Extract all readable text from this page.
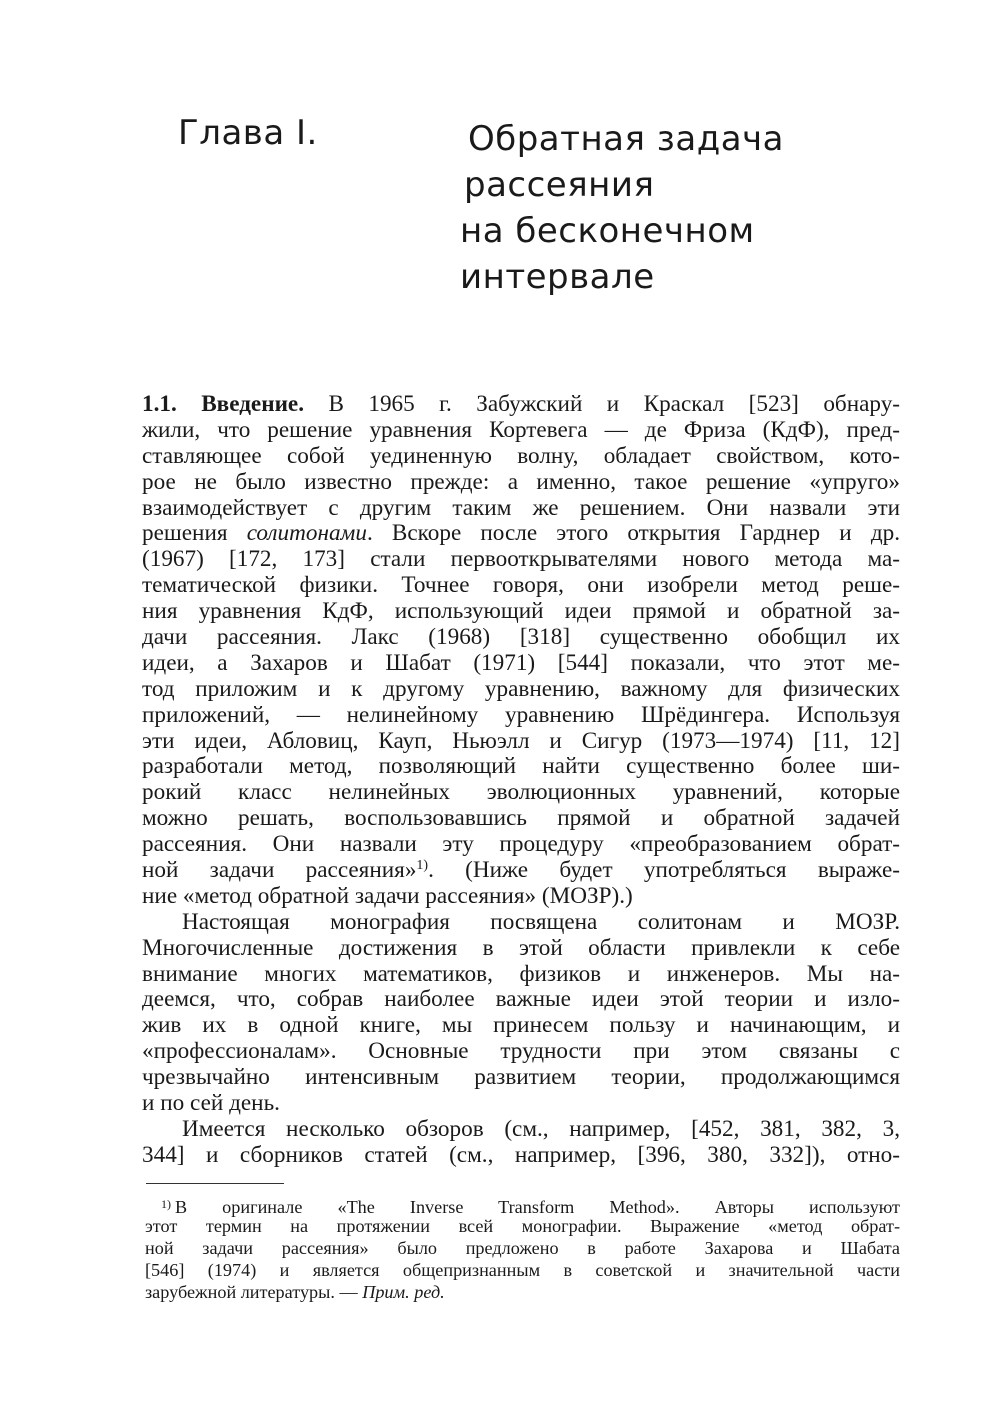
Глава I.	Обратная задача
рассеяния
на бесконечном
интервале
1.1. Введение. В 1965 г. Забужский и Краскал [523] обнару-
жили, что решение уравнения Кортевега — де Фриза (КдФ), пред-
ставляющее собой уединенную волну, обладает свойством, кото-
рое не было известно прежде: а именно, такое решение «упруго»
взаимодействует с другим таким же решением. Они назвали эти
решения солитонами. Вскоре после этого открытия Гарднер и др.
(1967) [172, 173] стали первооткрывателями нового метода ма-
тематической физики. Точнее говоря, они изобрели метод реше-
ния уравнения КдФ, использующий идеи прямой и обратной за-
дачи рассеяния. Лакс (1968) [318] существенно обобщил их
идеи, а Захаров и Шабат (1971) [544] показали, что этот ме-
тод приложим и к другому уравнению, важному для физических
приложений, — нелинейному уравнению Шрёдингера. Используя
эти идеи, Абловиц, Кауп, Ньюэлл и Сигур (1973—1974) [11, 12]
разработали метод, позволяющий найти существенно более ши-
рокий класс нелинейных эволюционных уравнений, которые
можно решать, воспользовавшись прямой и обратной задачей
рассеяния. Они назвали эту процедуру «преобразованием обрат-
ной задачи рассеяния»$^{1)}$. (Ниже будет употребляться выраже-
ние «метод обратной задачи рассеяния» (МОЗР).)
Настоящая монография посвящена солитонам и МОЗР.
Многочисленные достижения в этой области привлекли к себе
внимание многих математиков, физиков и инженеров. Мы на-
деемся, что, собрав наиболее важные идеи этой теории и изло-
жив их в одной книге, мы принесем пользу и начинающим, и
«профессионалам». Основные трудности при этом связаны с
чрезвычайно интенсивным развитием теории, продолжающимся
и по сей день.
Имеется несколько обзоров (см., например, [452, 381, 382, 3,
344] и сборников статей (см., например, [396, 380, 332]), отно-
$^{1)}$ В оригинале «The Inverse Transform Method». Авторы используют
этот термин на протяжении всей монографии. Выражение «метод обрат-
ной задачи рассеяния» было предложено в работе Захарова и Шабата
[546] (1974) и является общепризнанным в советской и значительной части
зарубежной литературы. — Прим. ред.
